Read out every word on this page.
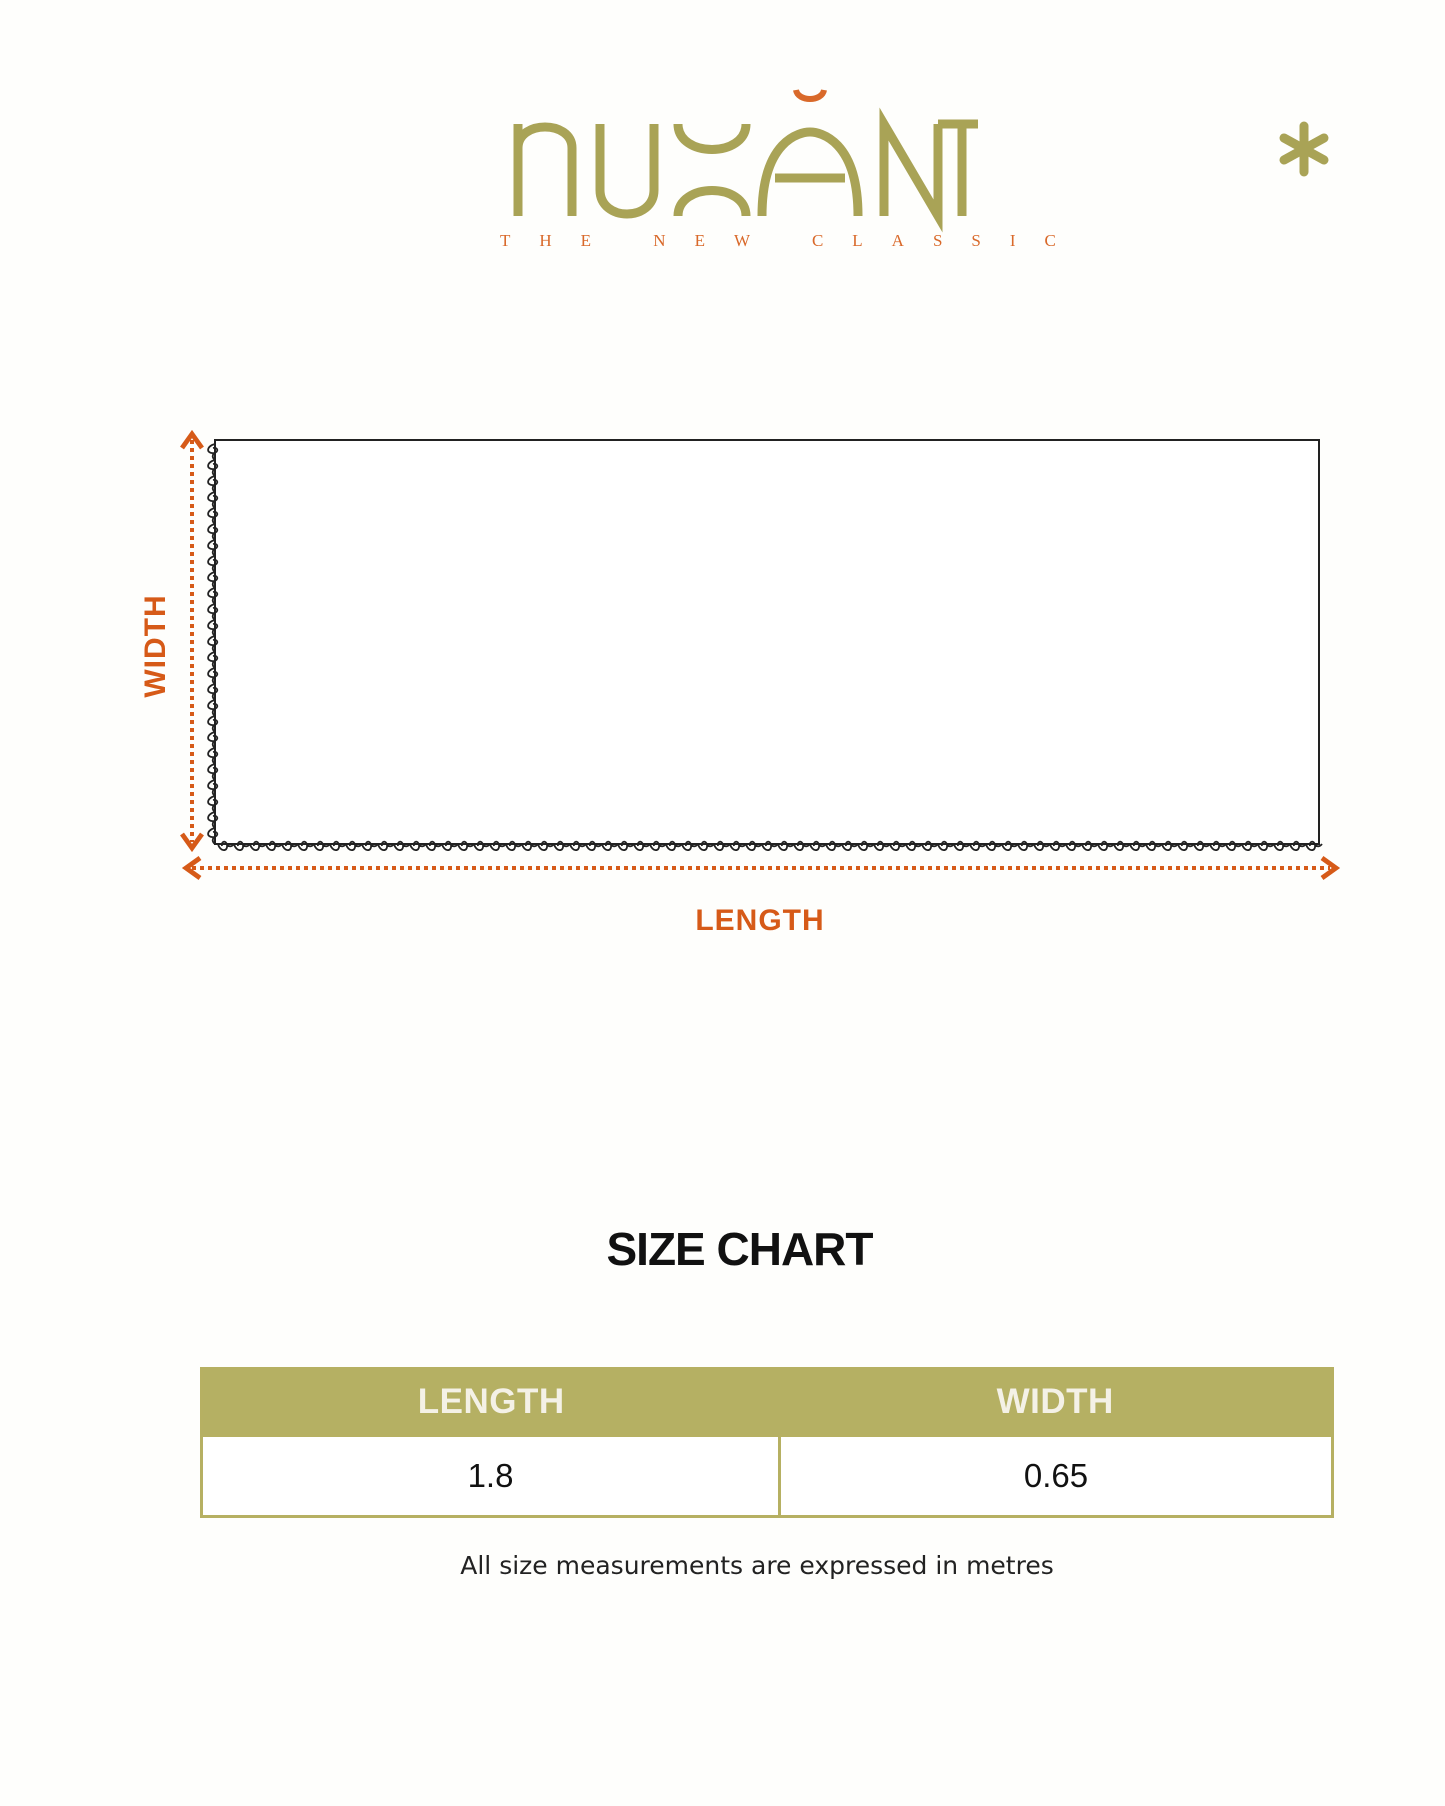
THE NEW CLASSIC
WIDTH
LENGTH
SIZE CHART
LENGTH	WIDTH
1.8	0.65
All size measurements are expressed in metres
